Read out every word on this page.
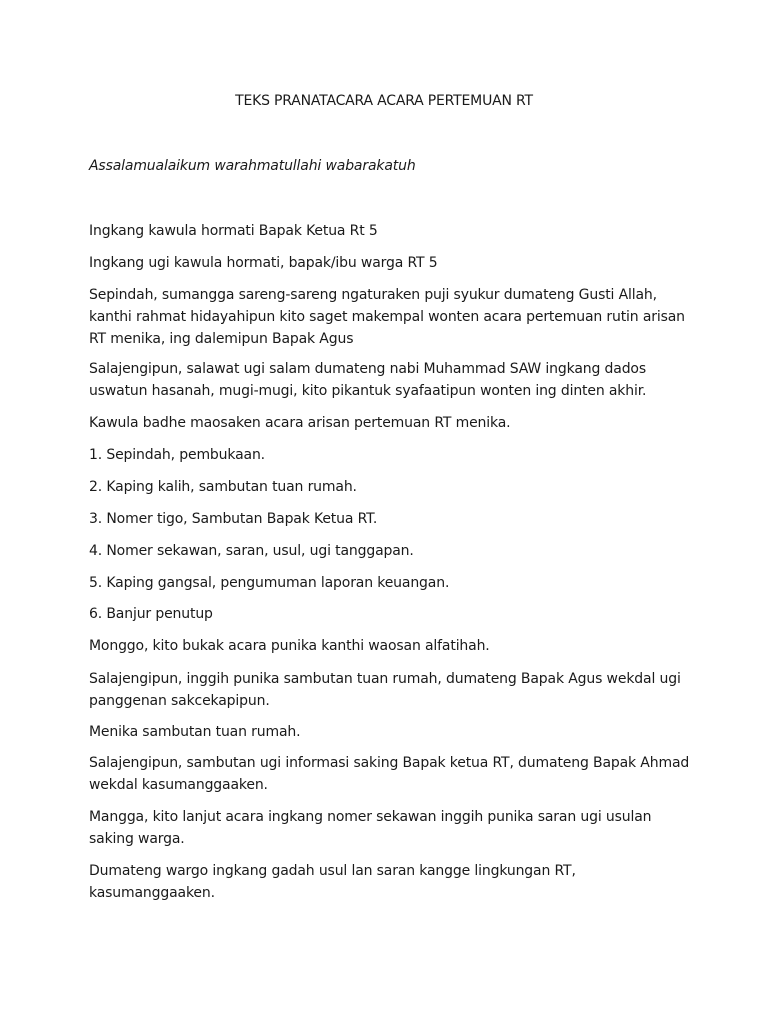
TEKS PRANATACARA ACARA PERTEMUAN RT
Assalamualaikum warahmatullahi wabarakatuh
Ingkang kawula hormati Bapak Ketua Rt 5
Ingkang ugi kawula hormati, bapak/ibu warga RT 5
Sepindah, sumangga sareng-sareng ngaturaken puji syukur dumateng Gusti Allah,
kanthi rahmat hidayahipun kito saget makempal wonten acara pertemuan rutin arisan
RT menika, ing dalemipun Bapak Agus
Salajengipun, salawat ugi salam dumateng nabi Muhammad SAW ingkang dados
uswatun hasanah, mugi-mugi, kito pikantuk syafaatipun wonten ing dinten akhir.
Kawula badhe maosaken acara arisan pertemuan RT menika.
1. Sepindah, pembukaan.
2. Kaping kalih, sambutan tuan rumah.
3. Nomer tigo, Sambutan Bapak Ketua RT.
4. Nomer sekawan, saran, usul, ugi tanggapan.
5. Kaping gangsal, pengumuman laporan keuangan.
6. Banjur penutup
Monggo, kito bukak acara punika kanthi waosan alfatihah.
Salajengipun, inggih punika sambutan tuan rumah, dumateng Bapak Agus wekdal ugi
panggenan sakcekapipun.
Menika sambutan tuan rumah.
Salajengipun, sambutan ugi informasi saking Bapak ketua RT, dumateng Bapak Ahmad
wekdal kasumanggaaken.
Mangga, kito lanjut acara ingkang nomer sekawan inggih punika saran ugi usulan
saking warga.
Dumateng wargo ingkang gadah usul lan saran kangge lingkungan RT,
kasumanggaaken.
